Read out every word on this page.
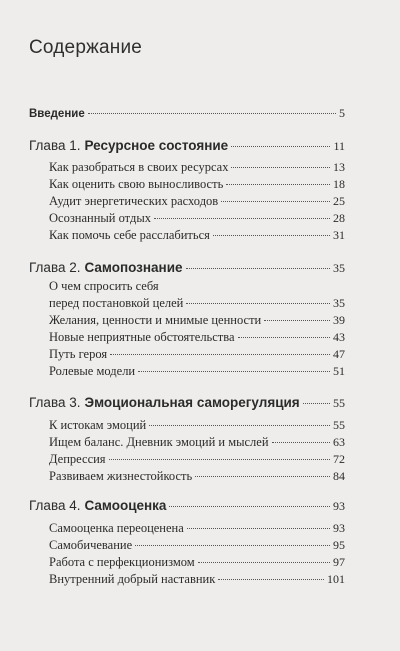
Содержание
Введение	5
Глава 1. Ресурсное состояние	11
Как разобраться в своих ресурсах	13
Как оценить свою выносливость	18
Аудит энергетических расходов	25
Осознанный отдых	28
Как помочь себе расслабиться	31
Глава 2. Самопознание	35
О чем спросить себя
перед постановкой целей	35
Желания, ценности и мнимые ценности	39
Новые неприятные обстоятельства	43
Путь героя	47
Ролевые модели	51
Глава 3. Эмоциональная саморегуляция	55
К истокам эмоций	55
Ищем баланс. Дневник эмоций и мыслей	63
Депрессия	72
Развиваем жизнестойкость	84
Глава 4. Самооценка	93
Самооценка переоценена	93
Самобичевание	95
Работа с перфекционизмом	97
Внутренний добрый наставник	101
